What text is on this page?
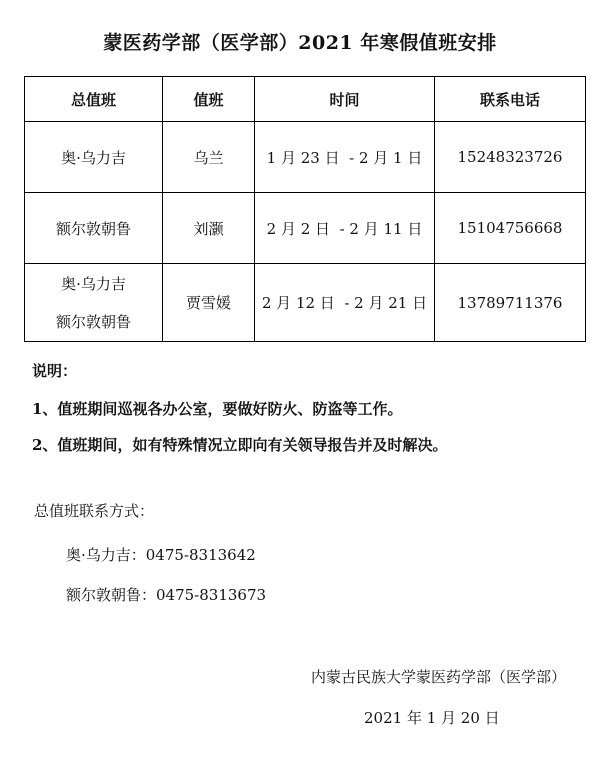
蒙医药学部（医学部）2021 年寒假值班安排
总值班	值班	时间	联系电话
奥·乌力吉	乌兰	1 月 23 日  - 2 月 1 日	15248323726
额尔敦朝鲁	刘灏	2 月 2 日  - 2 月 11 日	15104756668

奥·乌力吉
额尔敦朝鲁	贾雪媛	2 月 12 日  - 2 月 21 日	13789711376
说明：
1、值班期间巡视各办公室，要做好防火、防盗等工作。
2、值班期间，如有特殊情况立即向有关领导报告并及时解决。
总值班联系方式：
奥·乌力吉：0475-8313642
额尔敦朝鲁：0475-8313673
内蒙古民族大学蒙医药学部（医学部）
2021 年 1 月 20 日
